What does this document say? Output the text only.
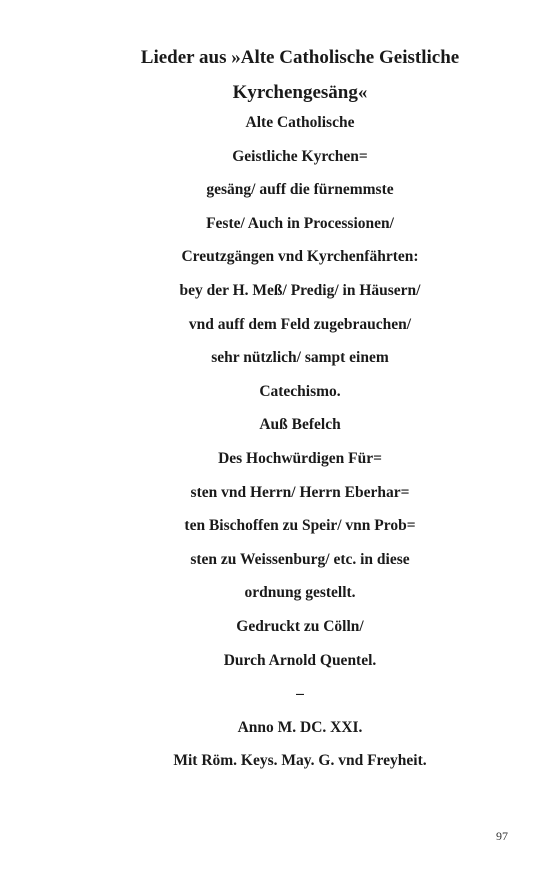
Lieder aus »Alte Catholische Geistliche
Kyrchengesäng«
Alte Catholische
Geistliche Kyrchen=
gesäng/ auff die fürnemmste
Feste/ Auch in Processionen/
Creutzgängen vnd Kyrchenfährten:
bey der H. Meß/ Predig/ in Häusern/
vnd auff dem Feld zugebrauchen/
sehr nützlich/ sampt einem
Catechismo.
Auß Befelch
Des Hochwürdigen Für=
sten vnd Herrn/ Herrn Eberhar=
ten Bischoffen zu Speir/ vnn Prob=
sten zu Weissenburg/ etc. in diese
ordnung gestellt.
Gedruckt zu Cölln/
Durch Arnold Quentel.
–
Anno M. DC. XXI.
Mit Röm. Keys. May. G. vnd Freyheit.
97
